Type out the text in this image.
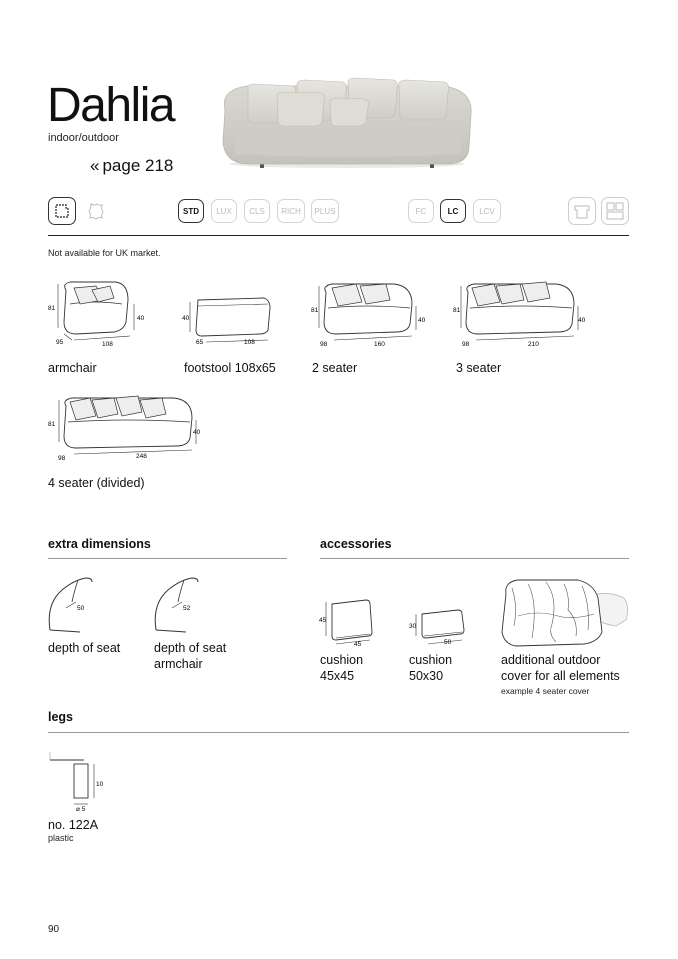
Dahlia
indoor/outdoor
« page 218
STD	LUX	CLS	RICH	PLUS	FC	LC	LCV
Not available for UK market.
81
40
95	108
armchair
40
65	108
footstool 108x65
81
40
98	160
2 seater
81
40
98	210
3 seater
81
40
98	248
4 seater (divided)
extra dimensions
50
depth of seat
52
depth of seat
armchair
accessories
45
45
cushion
45x45
30
50
cushion
50x30
additional outdoor
cover for all elements
example 4 seater cover
legs
10
⌀ 5
no. 122A
plastic
90
